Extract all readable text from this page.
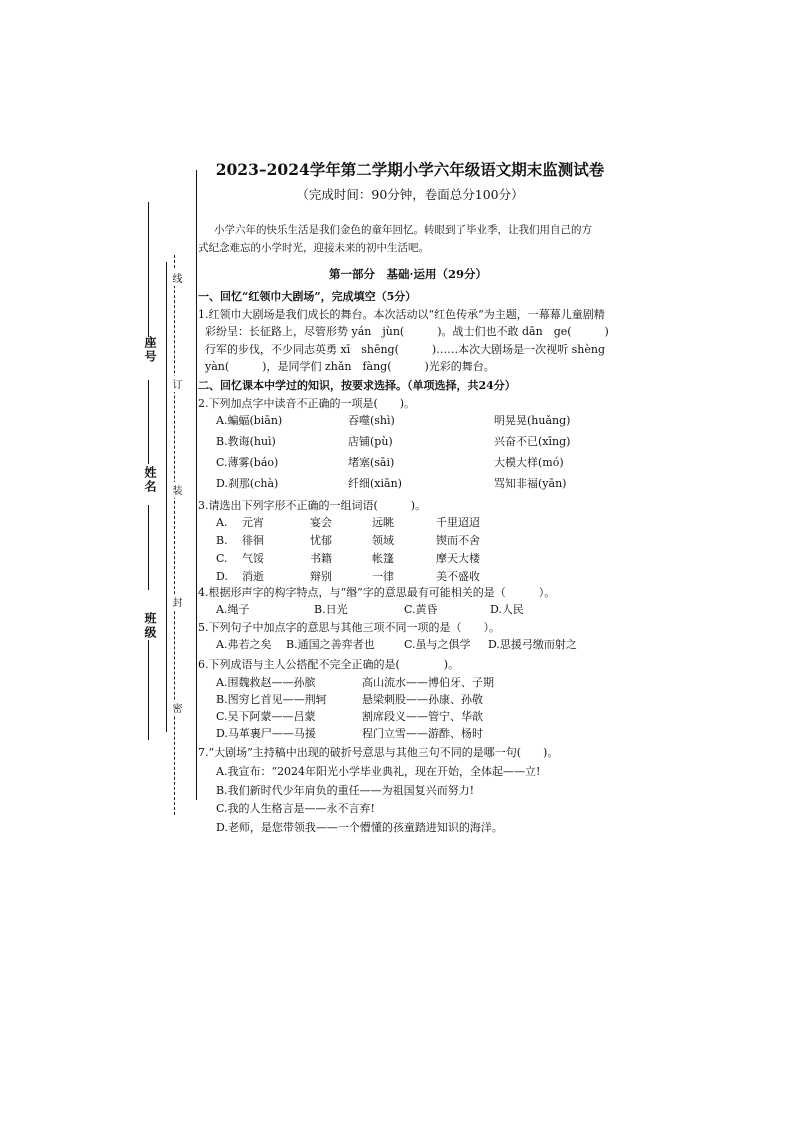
座号
姓名
班级
线
订
装
封
密
2023–2024学年第二学期小学六年级语文期末监测试卷
（完成时间：90分钟，卷面总分100分）
小学六年的快乐生活是我们金色的童年回忆。转眼到了毕业季，让我们用自己的方
式纪念难忘的小学时光，迎接未来的初中生活吧。
第一部分　基础·运用（29分）
一、回忆“红领巾大剧场”，完成填空（5分）
1.红领巾大剧场是我们成长的舞台。本次活动以“红色传承”为主题，一幕幕儿童剧精
彩纷呈：长征路上，尽管形势 yán　jùn(　　　)。战士们也不敢 dān　ge(　　　)
行军的步伐，不少同志英勇 xī　shēng(　　　)……本次大剧场是一次视听 shèng
yàn(　　　)，是同学们 zhǎn　fàng(　　　)光彩的舞台。
二、回忆课本中学过的知识，按要求选择。（单项选择，共24分）
2.下列加点字中读音不正确的一项是(　　)。
A.蝙蝠(biān)	吞噬(shì)	明晃晃(huǎng)
B.教诲(huì)	店铺(pù)	兴奋不已(xīng)
C.薄雾(báo)	堵塞(sāi)	大模大样(mó)
D.刹那(chà)	纤细(xiān)	骂知非福(yān)
3.请选出下列字形不正确的一组词语(　　　)。
A.	元宵	宴会	远眺	千里迢迢
B.	徘徊	忧郁	领域	锲而不舍
C.	气馁	书籍	帐篷	摩天大楼
D.	消逝	辩别	一律	美不盛收
4.根据形声字的构字特点，与“缗”字的意思最有可能相关的是（　　　）。
A.绳子	B.日光	C.黄昏	D.人民
5.下列句子中加点字的意思与其他三项不同一项的是（　　）。
A.弗若之矣	B.通国之善弈者也	C.虽与之俱学	D.思援弓缴而射之
6.下列成语与主人公搭配不完全正确的是(　　　　)。
A.围魏救赵——孙膑	高山流水——博伯牙、子期
B.图穷匕首见——荆轲	悬梁刺股——孙康、孙敬
C.吴下阿蒙——吕蒙	割席段义——管宁、华歆
D.马革裹尸——马援	程门立雪——游酢、杨时
7.“大剧场”主持稿中出现的破折号意思与其他三句不同的是哪一句(　　)。
A.我宣布：“2024年阳光小学毕业典礼，现在开始，全体起——立!
B.我们新时代少年肩负的重任——为祖国复兴而努力!
C.我的人生格言是——永不言弃!
D.老师，是您带领我——一个懵懂的孩童踏进知识的海洋。
